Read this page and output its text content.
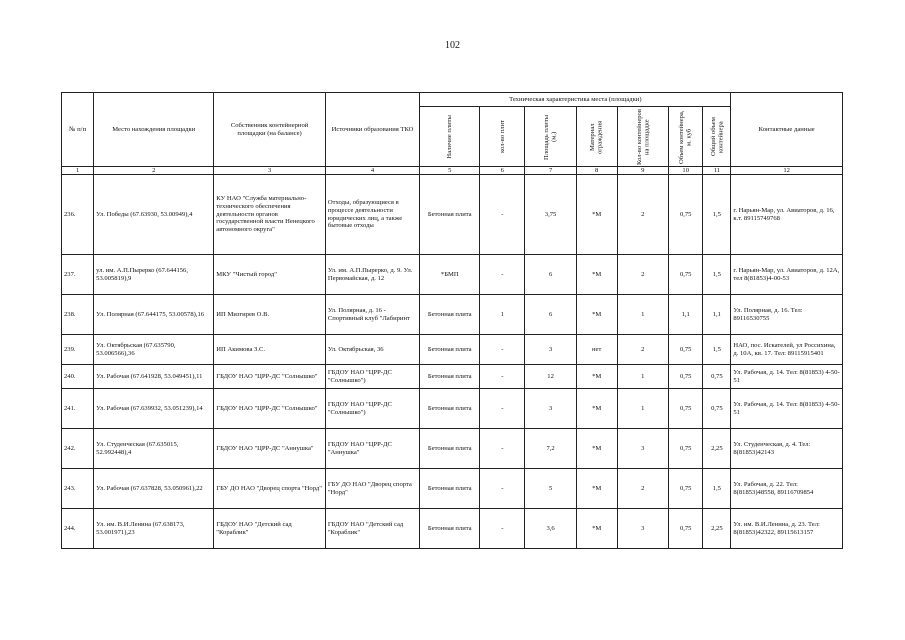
102
№ п/п	Место нахождения площадки	Собственник контейнерной площадки (на балансе)	Источники образования ТКО	Техническая характеристика места (площадки)							Контактные данные

				Наличие плиты	кол-во плит	Площадь плиты (м.)	Материал ограждения	Кол-во контейнеров на площадке	Объем контейнера, м. куб	Общий объем контейнера	

1	2	3	4	5	6	7	8	9	10	11	12
236.	Ул. Победы (67.63930, 53.00949),4	КУ НАО "Служба материально-технического обеспечения деятельности органов государственной власти Ненецкого автономного округа"	Отходы, образующиеся в процессе деятельности юридических лиц, а также бытовые отходы	Бетонная плита	-	3,75	*М	2	0,75	1,5	г. Нарьян-Мар, ул. Авиаторов, д. 16, к.т. 89115749768
237.	ул. им. А.П.Пырерко (67.644156, 53.005819),9	МКУ "Чистый город"	Ул. им. А.П.Пырерко, д. 9. Ул. Первомайская, д. 12	*БМП	-	6	*М	2	0,75	1,5	г. Нарьян-Мар, ул. Авиаторов, д. 12А, тел 8(81853)4-00-53
238.	Ул. Полярная (67.644175, 53.00578),16	ИП Мизгирев О.В.	Ул. Полярная, д. 16 - Спортивный клуб "Лабиринт	Бетонная плита	1	6	*М	1	1,1	1,1	Ул. Полярная, д. 16. Тел: 89116530755
239.	Ул. Октябрьская (67.635790, 53.006566),36	ИП Акимова З.С.	Ул. Октябрьская, 36	Бетонная плита	-	3	нет	2	0,75	1,5	НАО, пос. Искателей, ул Россихина, д. 10А, кв. 17. Тел: 89115915401
240.	Ул. Рабочая (67.641928, 53.049451),11	ГБДОУ НАО "ЦРР-ДС "Солнышко"	ГБДОУ НАО "ЦРР-ДС "Солнышко")	Бетонная плита	-	12	*М	1	0,75	0,75	Ул. Рабочая, д. 14. Тел: 8(81853) 4-50-51
241.	Ул. Рабочая (67.639932, 53.051239),14	ГБДОУ НАО "ЦРР-ДС "Солнышко"	ГБДОУ НАО "ЦРР-ДС "Солнышко")	Бетонная плита	-	3	*М	1	0,75	0,75	Ул. Рабочая, д. 14. Тел: 8(81853) 4-50-51
242.	Ул. Студенческая (67.635015, 52.992448),4	ГБДОУ НАО "ЦРР-ДС "Аннушка"	ГБДОУ НАО "ЦРР-ДС "Аннушка"	Бетонная плита	-	7,2	*М	3	0,75	2,25	Ул. Студенческая, д. 4. Тел: 8(81853)42143
243.	Ул. Рабочая (67.637828, 53.050961),22	ГБУ ДО НАО "Дворец спорта "Норд"	ГБУ ДО НАО "Дворец спорта "Норд"	Бетонная плита	-	5	*М	2	0,75	1,5	Ул. Рабочая, д. 22. Тел: 8(81853)48558, 89116709854
244.	Ул. им. В.И.Ленина (67.638173, 53.001971),23	ГБДОУ НАО "Детский сад "Кораблик"	ГБДОУ НАО "Детский сад "Кораблик"	Бетонная плита	-	3,6	*М	3	0,75	2,25	Ул. им. В.И.Ленина, д. 23. Тел: 8(81853)42322, 89115613157
